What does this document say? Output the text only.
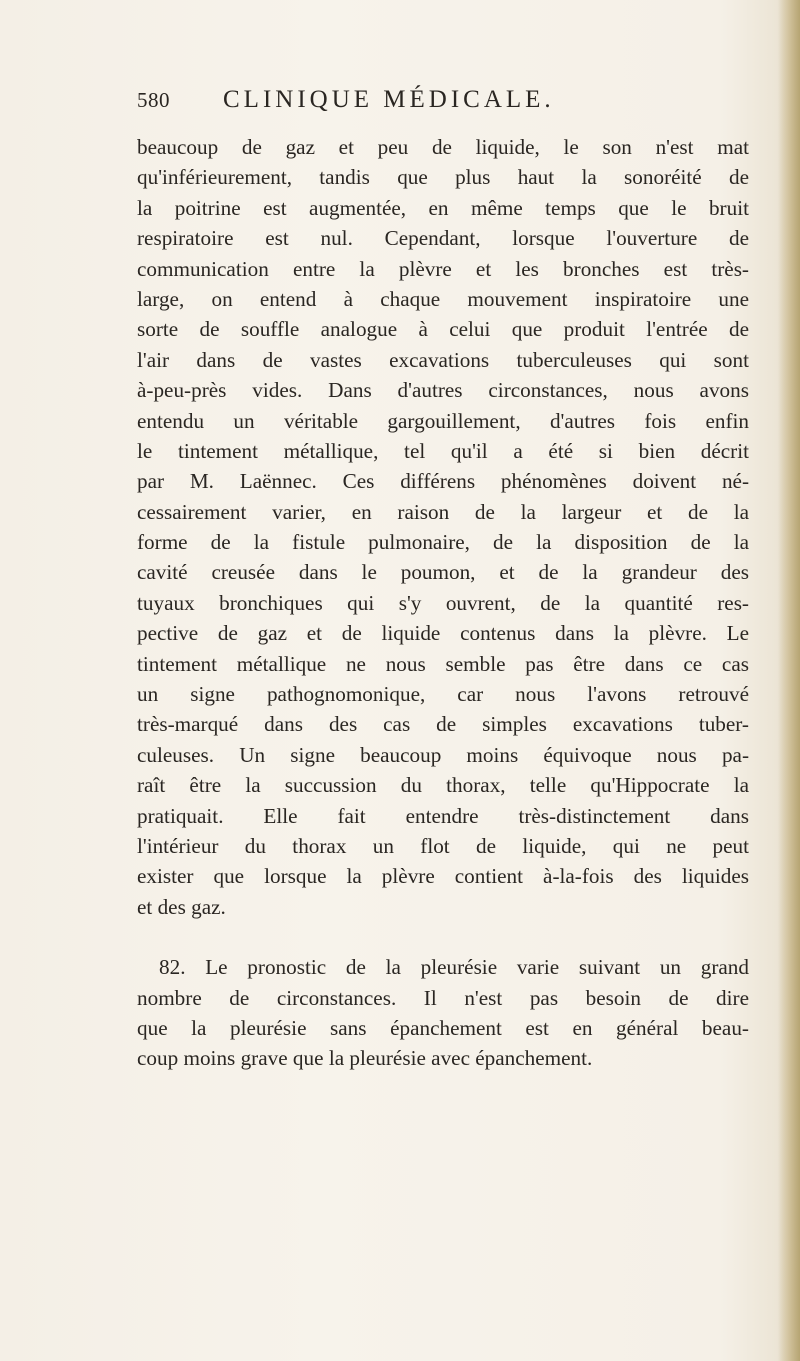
580 CLINIQUE MÉDICALE.
beaucoup de gaz et peu de liquide, le son n'est mat
qu'inférieurement, tandis que plus haut la sonoréité de
la poitrine est augmentée, en même temps que le bruit
respiratoire est nul. Cependant, lorsque l'ouverture de
communication entre la plèvre et les bronches est très-
large, on entend à chaque mouvement inspiratoire une
sorte de souffle analogue à celui que produit l'entrée de
l'air dans de vastes excavations tuberculeuses qui sont
à-peu-près vides. Dans d'autres circonstances, nous avons
entendu un véritable gargouillement, d'autres fois enfin
le tintement métallique, tel qu'il a été si bien décrit
par M. Laënnec. Ces différens phénomènes doivent né-
cessairement varier, en raison de la largeur et de la
forme de la fistule pulmonaire, de la disposition de la
cavité creusée dans le poumon, et de la grandeur des
tuyaux bronchiques qui s'y ouvrent, de la quantité res-
pective de gaz et de liquide contenus dans la plèvre. Le
tintement métallique ne nous semble pas être dans ce cas
un signe pathognomonique, car nous l'avons retrouvé
très-marqué dans des cas de simples excavations tuber-
culeuses. Un signe beaucoup moins équivoque nous pa-
raît être la succussion du thorax, telle qu'Hippocrate la
pratiquait. Elle fait entendre très-distinctement dans
l'intérieur du thorax un flot de liquide, qui ne peut
exister que lorsque la plèvre contient à-la-fois des liquides
et des gaz.
82. Le pronostic de la pleurésie varie suivant un grand
nombre de circonstances. Il n'est pas besoin de dire
que la pleurésie sans épanchement est en général beau-
coup moins grave que la pleurésie avec épanchement.
